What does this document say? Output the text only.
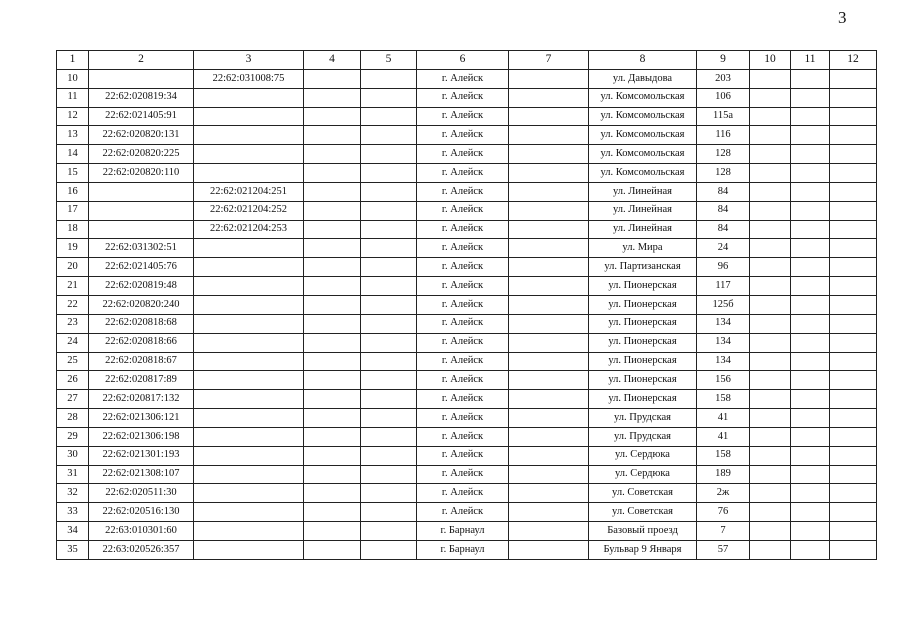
3
1	2	3	4	5	6	7	8	9	10	11	12
10		22:62:031008:75			г. Алейск		ул. Давыдова	203			
11	22:62:020819:34				г. Алейск		ул. Комсомольская	106			
12	22:62:021405:91				г. Алейск		ул. Комсомольская	115а			
13	22:62:020820:131				г. Алейск		ул. Комсомольская	116			
14	22:62:020820:225				г. Алейск		ул. Комсомольская	128			
15	22:62:020820:110				г. Алейск		ул. Комсомольская	128			
16		22:62:021204:251			г. Алейск		ул. Линейная	84			
17		22:62:021204:252			г. Алейск		ул. Линейная	84			
18		22:62:021204:253			г. Алейск		ул. Линейная	84			
19	22:62:031302:51				г. Алейск		ул. Мира	24			
20	22:62:021405:76				г. Алейск		ул. Партизанская	96			
21	22:62:020819:48				г. Алейск		ул. Пионерская	117			
22	22:62:020820:240				г. Алейск		ул. Пионерская	125б			
23	22:62:020818:68				г. Алейск		ул. Пионерская	134			
24	22:62:020818:66				г. Алейск		ул. Пионерская	134			
25	22:62:020818:67				г. Алейск		ул. Пионерская	134			
26	22:62:020817:89				г. Алейск		ул. Пионерская	156			
27	22:62:020817:132				г. Алейск		ул. Пионерская	158			
28	22:62:021306:121				г. Алейск		ул. Прудская	41			
29	22:62:021306:198				г. Алейск		ул. Прудская	41			
30	22:62:021301:193				г. Алейск		ул. Сердюка	158			
31	22:62:021308:107				г. Алейск		ул. Сердюка	189			
32	22:62:020511:30				г. Алейск		ул. Советская	2ж			
33	22:62:020516:130				г. Алейск		ул. Советская	76			
34	22:63:010301:60				г. Барнаул		Базовый проезд	7			
35	22:63:020526:357				г. Барнаул		Бульвар 9 Января	57			
